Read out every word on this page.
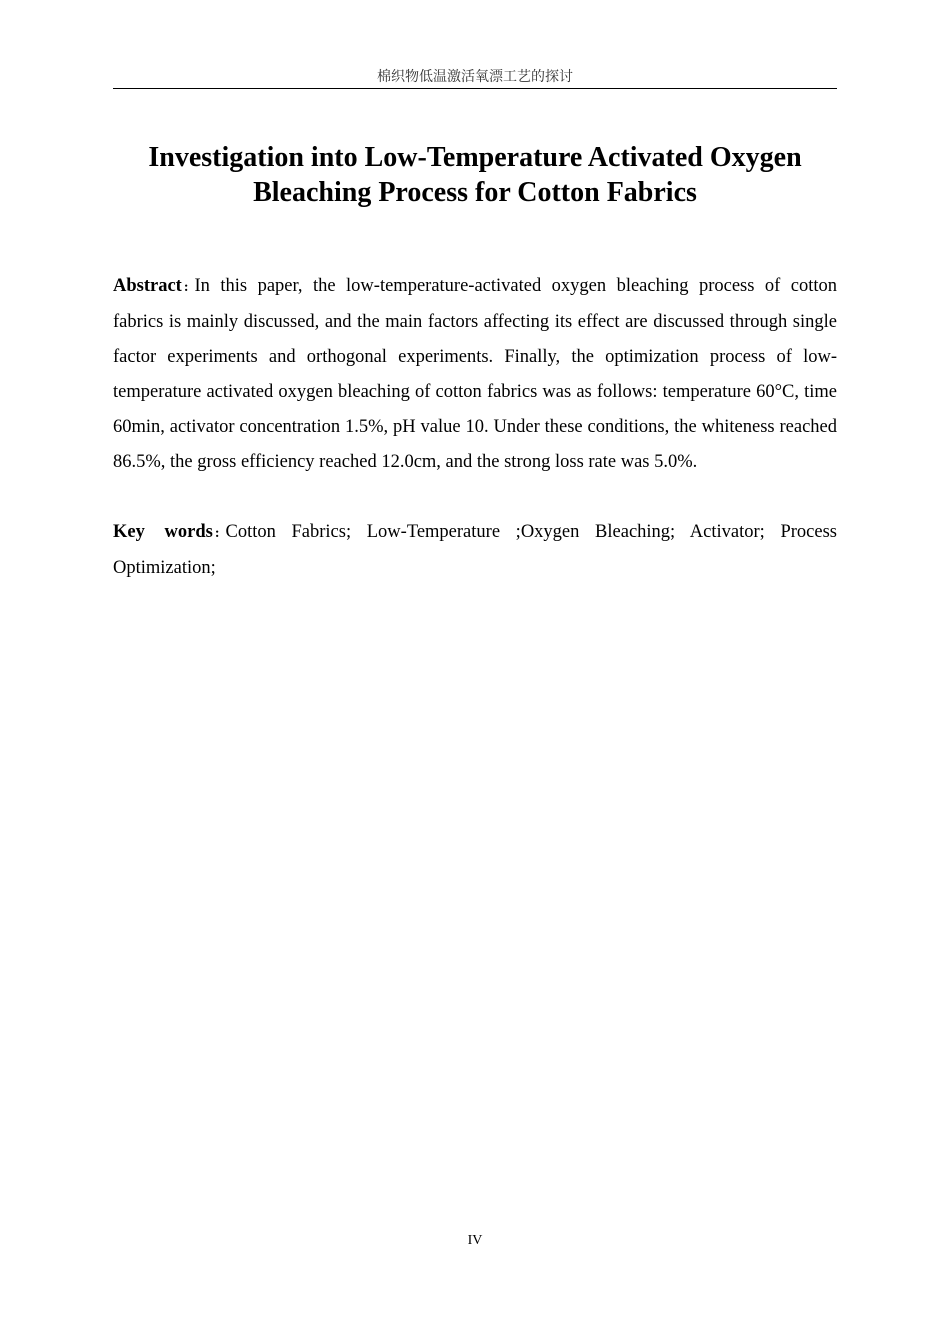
棉织物低温激活氧漂工艺的探讨
Investigation into Low-Temperature Activated Oxygen
Bleaching Process for Cotton Fabrics

Abstract : In this paper, the low-temperature-activated oxygen bleaching process of cotton fabrics is mainly discussed, and the main factors affecting its effect are discussed through single factor experiments and orthogonal experiments. Finally, the optimization process of low-temperature activated oxygen bleaching of cotton fabrics was as follows: temperature 60°C, time 60min, activator concentration 1.5%, pH value 10. Under these conditions, the whiteness reached 86.5%, the gross efficiency reached 12.0cm, and the strong loss rate was 5.0%.

Key words : Cotton Fabrics; Low-Temperature ;Oxygen Bleaching; Activator; Process Optimization;

IV
